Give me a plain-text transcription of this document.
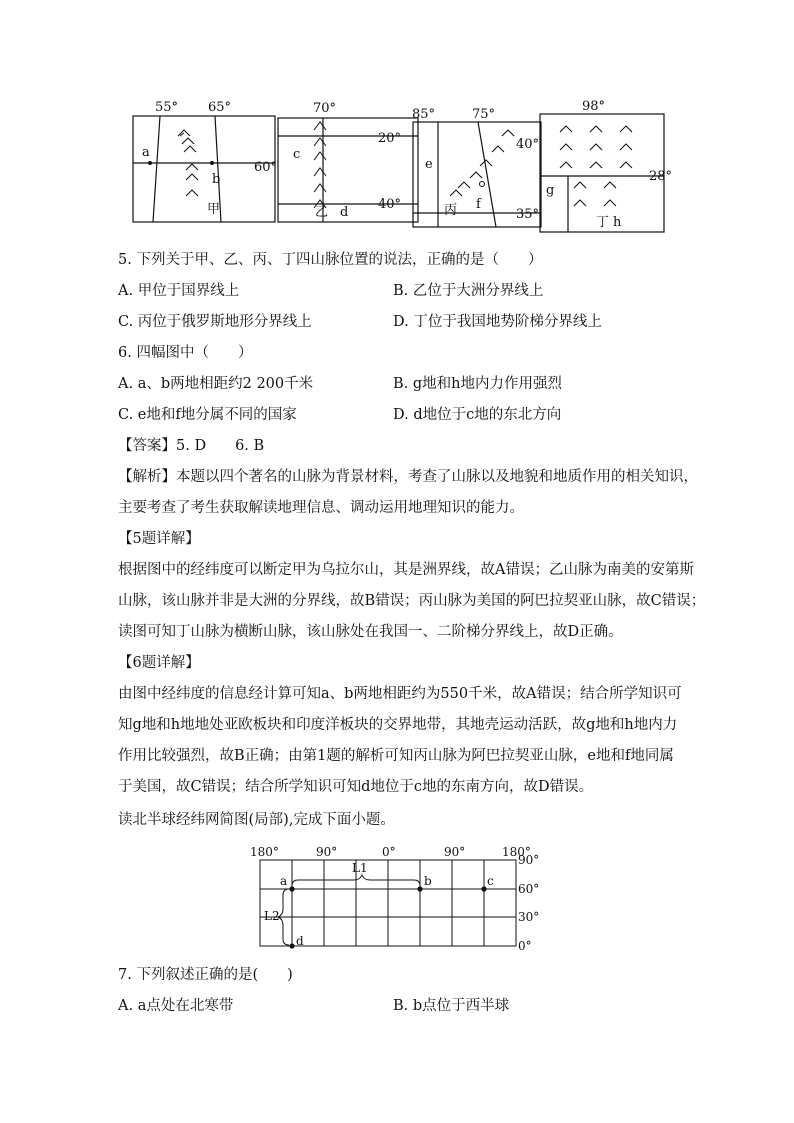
55° 65°
60°
a
b
甲
70°
20°
40°
c
d
乙
85°	75°
40°
35°
e
f
丙
98°
28°
g
h
丁
5. 下列关于甲、乙、丙、丁四山脉位置的说法，正确的是（　　）
A. 甲位于国界线上	B. 乙位于大洲分界线上
C. 丙位于俄罗斯地形分界线上	D. 丁位于我国地势阶梯分界线上
6. 四幅图中（　　）
A. a、b两地相距约2 200千米	B. g地和h地内力作用强烈
C. e地和f地分属不同的国家	D. d地位于c地的东北方向
【答案】5. D　　6. B
【解析】本题以四个著名的山脉为背景材料，考查了山脉以及地貌和地质作用的相关知识，
主要考查了考生获取解读地理信息、调动运用地理知识的能力。
【5题详解】
根据图中的经纬度可以断定甲为乌拉尔山，其是洲界线，故A错误；乙山脉为南美的安第斯
山脉，该山脉并非是大洲的分界线，故B错误；丙山脉为美国的阿巴拉契亚山脉，故C错误；
读图可知丁山脉为横断山脉，该山脉处在我国一、二阶梯分界线上，故D正确。
【6题详解】
由图中经纬度的信息经计算可知a、b两地相距约为550千米，故A错误；结合所学知识可
知g地和h地地处亚欧板块和印度洋板块的交界地带，其地壳运动活跃，故g地和h地内力
作用比较强烈，故B正确；由第1题的解析可知丙山脉为阿巴拉契亚山脉，e地和f地同属
于美国，故C错误；结合所学知识可知d地位于c地的东南方向，故D错误。
读北半球经纬网简图(局部),完成下面小题。
180°	90°	0°	90°	180°
90°
60°
30°
0°
a	b	c
d
L1
L2
7. 下列叙述正确的是(　　)
A. a点处在北寒带	B. b点位于西半球
